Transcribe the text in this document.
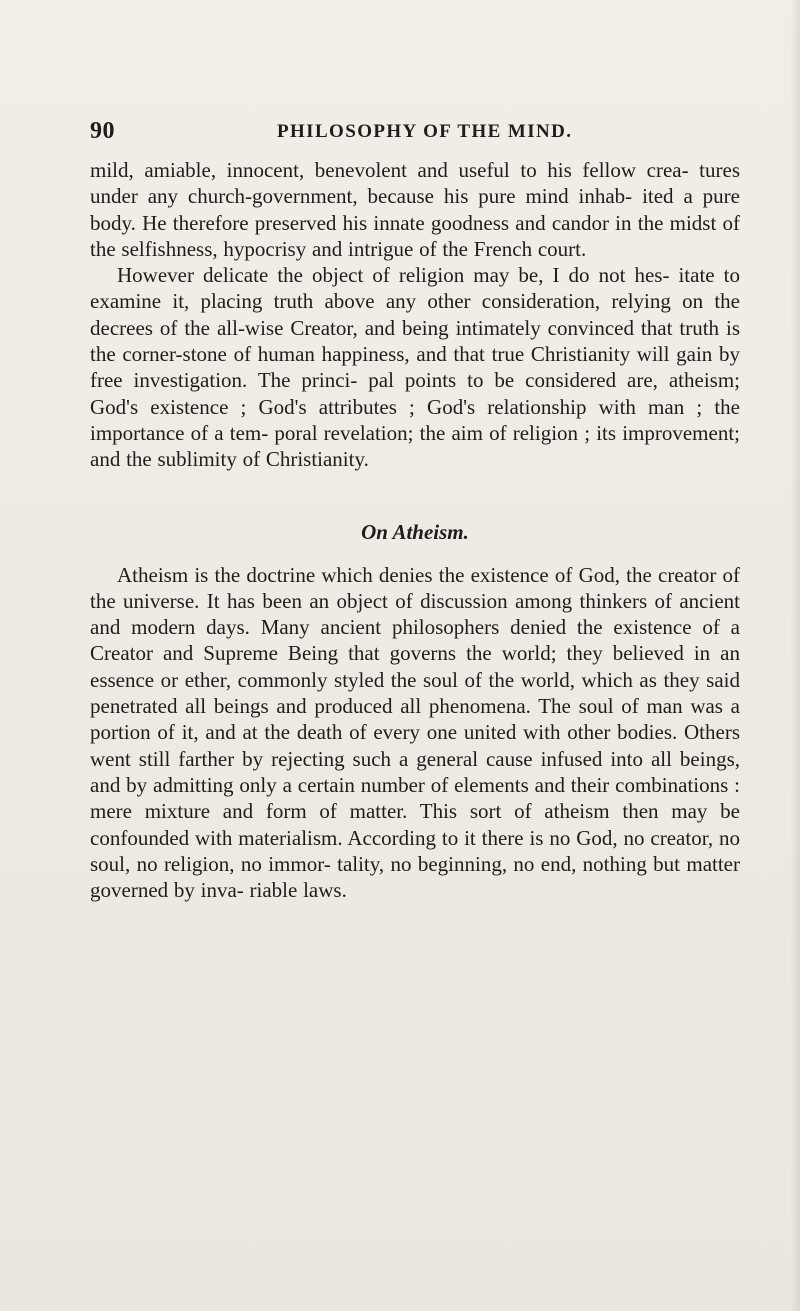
90	PHILOSOPHY OF THE MIND.

mild, amiable, innocent, benevolent and useful to his fellow crea- tures under any church-government, because his pure mind inhab- ited a pure body. He therefore preserved his innate goodness and candor in the midst of the selfishness, hypocrisy and intrigue of the French court.

However delicate the object of religion may be, I do not hes- itate to examine it, placing truth above any other consideration, relying on the decrees of the all-wise Creator, and being intimately convinced that truth is the corner-stone of human happiness, and that true Christianity will gain by free investigation. The princi- pal points to be considered are, atheism; God's existence ; God's attributes ; God's relationship with man ; the importance of a tem- poral revelation; the aim of religion ; its improvement; and the sublimity of Christianity.

On Atheism.

Atheism is the doctrine which denies the existence of God, the creator of the universe. It has been an object of discussion among thinkers of ancient and modern days. Many ancient philosophers denied the existence of a Creator and Supreme Being that governs the world; they believed in an essence or ether, commonly styled the soul of the world, which as they said penetrated all beings and produced all phenomena. The soul of man was a portion of it, and at the death of every one united with other bodies. Others went still farther by rejecting such a general cause infused into all beings, and by admitting only a certain number of elements and their combinations : mere mixture and form of matter. This sort of atheism then may be confounded with materialism. According to it there is no God, no creator, no soul, no religion, no immor- tality, no beginning, no end, nothing but matter governed by inva- riable laws.
